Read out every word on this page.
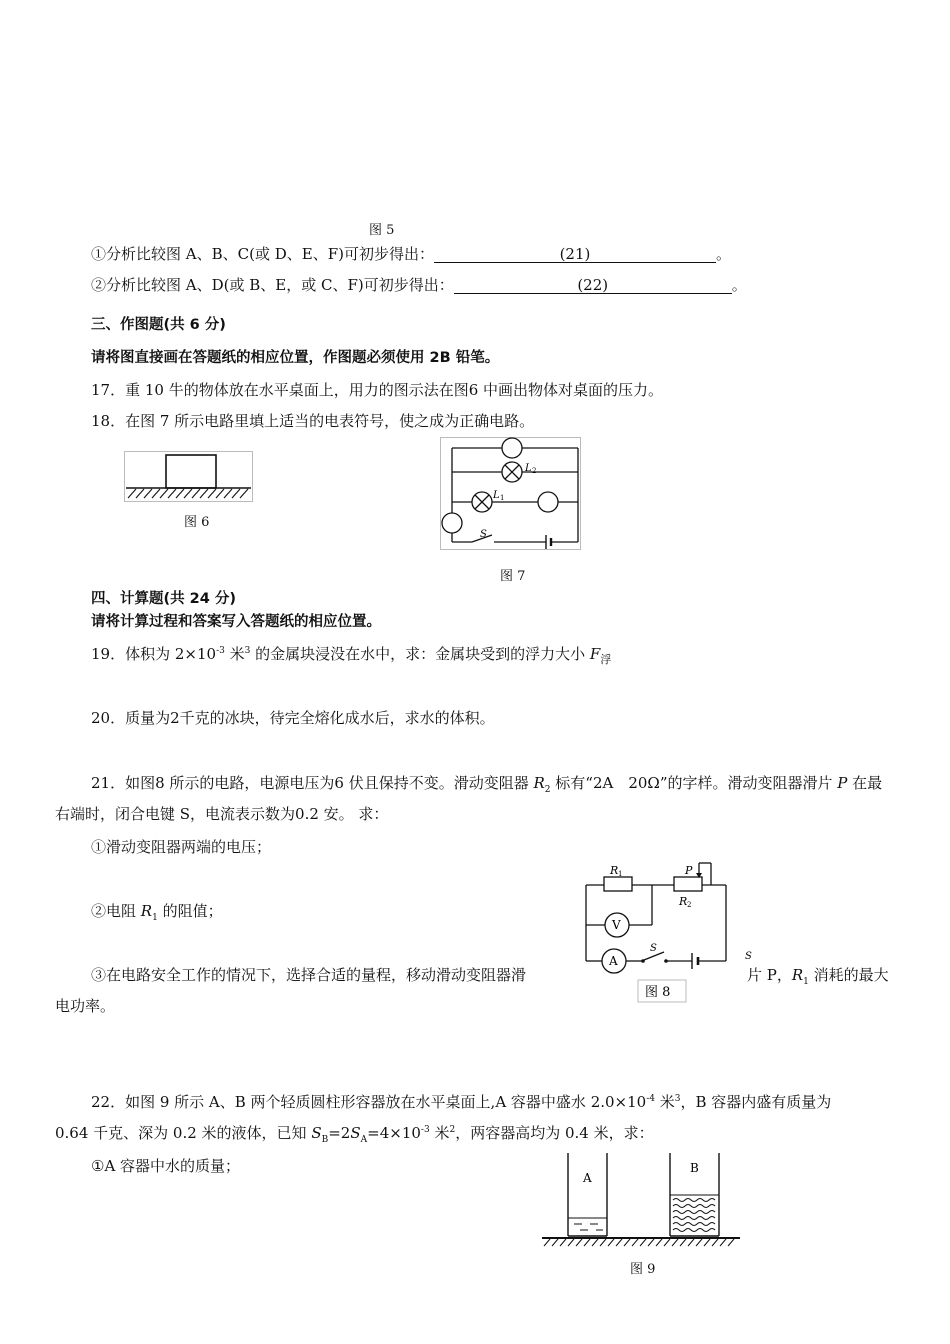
图 5
①分析比较图 A、B、C(或 D、E、F)可初步得出：	(21)	。
②分析比较图 A、D(或 B、E，或 C、F)可初步得出：	(22)	。
三、作图题(共 6 分)
请将图直接画在答题纸的相应位置，作图题必须使用 2B 铅笔。
17．重 10 牛的物体放在水平桌面上，用力的图示法在图6 中画出物体对桌面的压力。
18．在图 7 所示电路里填上适当的电表符号，使之成为正确电路。
图 6
L 2
L 1
S
图 7
四、计算题(共 24 分)
请将计算过程和答案写入答题纸的相应位置。
19．体积为 $2\times 10^{-3}$ 米$^3$ 的金属块浸没在水中，求：金属块受到的浮力大小 $F_浮$
20．质量为2千克的冰块，待完全熔化成水后，求水的体积。
21．如图8 所示的电路，电源电压为6 伏且保持不变。滑动变阻器 $R_2$ 标有“2A　20Ω”的字样。滑动变阻器滑片 P 在最
右端时，闭合电键 S，电流表示数为0.2 安。 求：
①滑动变阻器两端的电压；
②电阻 $R_1$ 的阻值；
③在电路安全工作的情况下，选择合适的量程，移动滑动变阻器滑	片 P，$R_1$ 消耗的最大
电功率。
R 1	P
R 2
V
A
S
S
图 8
22．如图 9 所示 A、B 两个轻质圆柱形容器放在水平桌面上,A 容器中盛水 $2.0\times 10^{-4}$ 米$^3$，B 容器内盛有质量为
0.64 千克、深为 0.2 米的液体，已知 $S_B=2S_A=4\times 10^{-3}$ 米$^2$，两容器高均为 0.4 米，求：
①A 容器中水的质量；
A
B
图 9
